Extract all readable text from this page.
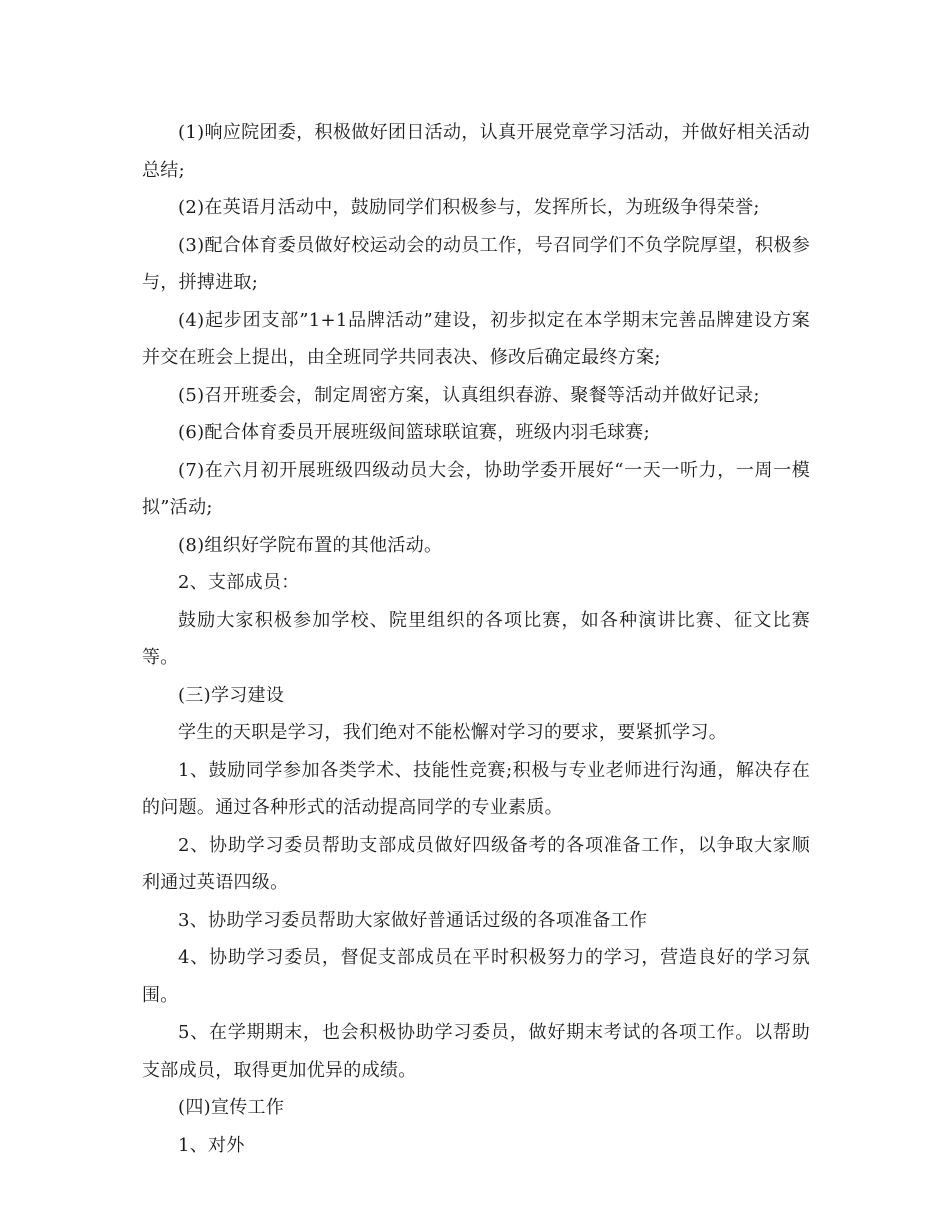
(1)响应院团委，积极做好团日活动，认真开展党章学习活动，并做好相关活动总结;

(2)在英语月活动中，鼓励同学们积极参与，发挥所长，为班级争得荣誉;

(3)配合体育委员做好校运动会的动员工作，号召同学们不负学院厚望，积极参与，拼搏进取;

(4)起步团支部”1+1品牌活动”建设，初步拟定在本学期末完善品牌建设方案并交在班会上提出，由全班同学共同表决、修改后确定最终方案;

(5)召开班委会，制定周密方案，认真组织春游、聚餐等活动并做好记录;

(6)配合体育委员开展班级间篮球联谊赛，班级内羽毛球赛;

(7)在六月初开展班级四级动员大会，协助学委开展好“一天一听力，一周一模拟”活动;

(8)组织好学院布置的其他活动。

2、支部成员：

鼓励大家积极参加学校、院里组织的各项比赛，如各种演讲比赛、征文比赛等。

(三)学习建设

学生的天职是学习，我们绝对不能松懈对学习的要求，要紧抓学习。

1、鼓励同学参加各类学术、技能性竞赛;积极与专业老师进行沟通，解决存在的问题。通过各种形式的活动提高同学的专业素质。

2、协助学习委员帮助支部成员做好四级备考的各项准备工作，以争取大家顺利通过英语四级。

3、协助学习委员帮助大家做好普通话过级的各项准备工作

4、协助学习委员，督促支部成员在平时积极努力的学习，营造良好的学习氛围。

5、在学期期末，也会积极协助学习委员，做好期末考试的各项工作。以帮助支部成员，取得更加优异的成绩。

(四)宣传工作

1、对外
